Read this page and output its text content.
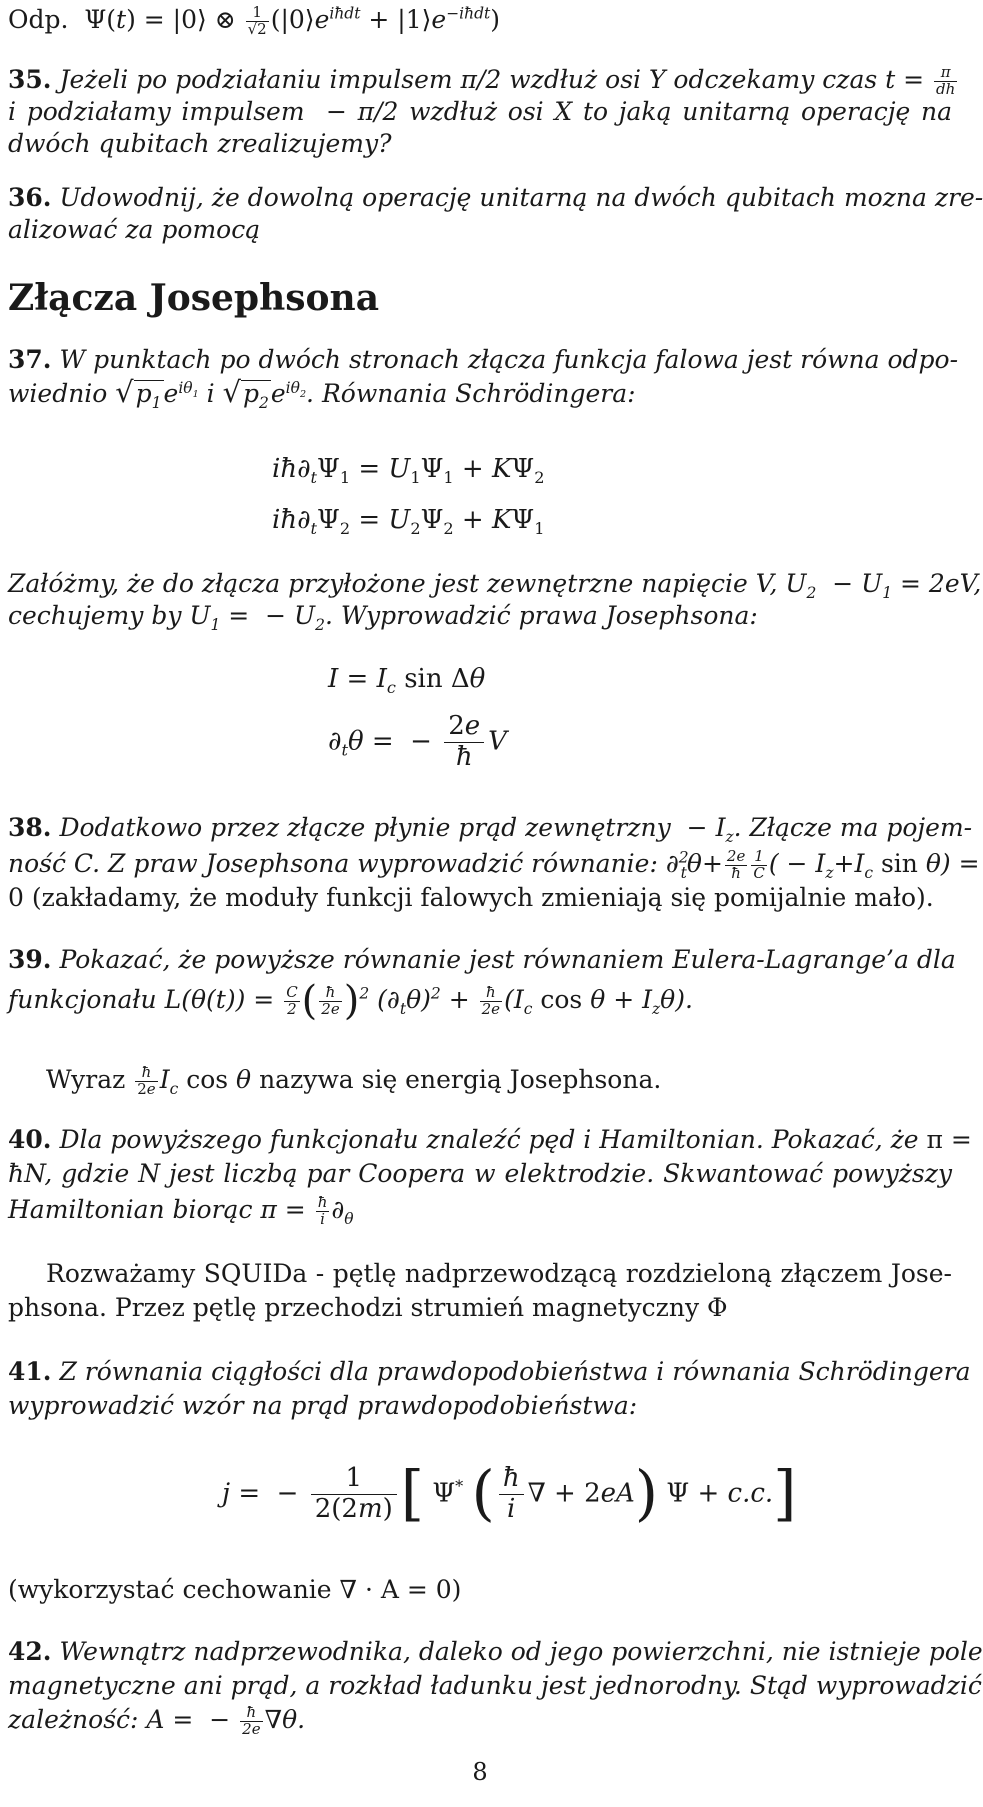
Odp.  Ψ(t) = |0⟩ ⊗ $\frac{1}{√2}$ ($|0⟩e^{iħdt}$ + $|1⟩e^{-iħdt}$)
35. Jeżeli po podziałaniu impulsem π/2 wzdłuż osi Y odczekamy czas $t = \frac{\pi}{dh}$
i podziałamy impulsem  − π/2 wzdłuż osi X to jaką unitarną operację na
dwóch qubitach zrealizujemy?
36. Udowodnij, że dowolną operację unitarną na dwóch qubitach mozna zre-
alizować za pomocą
Złącza Josephsona
37. W punktach po dwóch stronach złącza funkcja falowa jest równa odpo-
wiednio $√p_1e^{i\theta_1}$ i $√p_2e^{i\theta_2}$. Równania Schrödingera:
$iħ\partial_t\Psi_1 = U_1\Psi_1 + K\Psi_2$
$iħ\partial_t\Psi_2 = U_2\Psi_2 + K\Psi_1$
Załóżmy, że do złącza przyłożone jest zewnętrzne napięcie V, $U_2 - U_1 = 2eV$,
cechujemy by $U_1$ =  − $U_2$. Wyprowadzić prawa Josephsona:
$I = I_c$ sin Δθ
$\partial_t\theta$ =  − $\frac{2e}{ħ}$ V
38. Dodatkowo przez złącze płynie prąd zewnętrzny  − $I_z$. Złącze ma pojem-
ność C. Z praw Josephsona wyprowadzić równanie: $\partial^2_t\theta+ \frac{2e}{ħ} \frac{1}{C}$ ( − $I_z+I_c$ sin θ) =
0 (zakładamy, że moduły funkcji falowych zmieniają się pomijalnie mało).
39. Pokazać, że powyższe równanie jest równaniem Eulera-Lagrange’a dla
funkcjonału $L(\theta(t)) = \frac{C}{2}$ ( $\frac{ħ}{2e} )^2$ $(\partial_t\theta)^2 + \frac{ħ}{2e} (I_c$ $\cos \theta + I_z\theta$).
Wyraz $\frac{ħ}{2e} I_c$ cos θ nazywa się energią Josephsona.
40. Dla powyższego funkcjonału znaleźć pęd i Hamiltonian. Pokazać, że π =
ħN, gdzie N jest liczbą par Coopera w elektrodzie. Skwantować powyższy
Hamiltonian biorąc $\pi = \frac{ħ}{i} \partial_\theta$
Rozważamy SQUIDa - pętlę nadprzewodzącą rozdzieloną złączem Jose-
phsona. Przez pętlę przechodzi strumień magnetyczny Φ
41. Z równania ciągłości dla prawdopodobieństwa i równania Schrödingera
wyprowadzić wzór na prąd prawdopodobieństwa:
j =  − $\frac{1}{2(2m)}$ [ Ψ* ( $\frac{ħ}{i}$ ∇ + 2eA) Ψ + c.c.]
(wykorzystać cechowanie ∇ · A = 0)
42. Wewnątrz nadprzewodnika, daleko od jego powierzchni, nie istnieje pole
magnetyczne ani prąd, a rozkład ładunku jest jednorodny. Stąd wyprowadzić
zależność: A =  − $\frac{ħ}{2e} \nabla\theta$.
8
